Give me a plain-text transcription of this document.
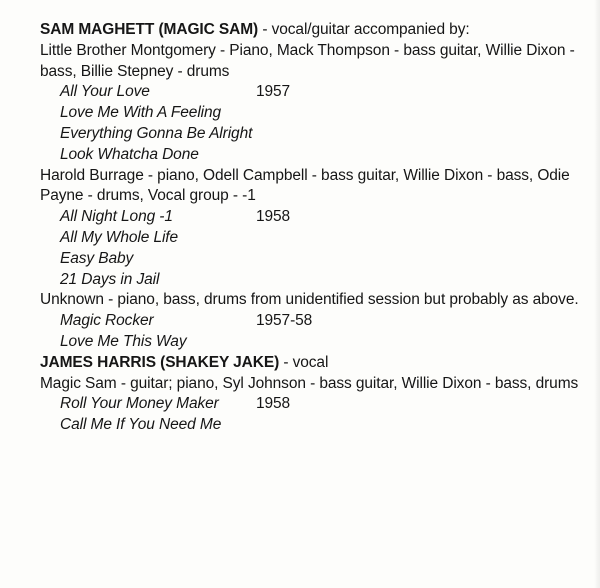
SAM MAGHETT (MAGIC SAM) - vocal/guitar accompanied by:
Little Brother Montgomery - Piano, Mack Thompson - bass guitar, Willie Dixon - bass, Billie Stepney - drums
All Your Love	1957
Love Me With A Feeling
Everything Gonna Be Alright
Look Whatcha Done
Harold Burrage - piano, Odell Campbell - bass guitar, Willie Dixon - bass, Odie Payne - drums, Vocal group - -1
All Night Long -1	1958
All My Whole Life
Easy Baby
21 Days in Jail
Unknown - piano, bass, drums from unidentified session but probably as above.
Magic Rocker	1957-58
Love Me This Way
JAMES HARRIS (SHAKEY JAKE) - vocal
Magic Sam - guitar; piano, Syl Johnson - bass guitar, Willie Dixon - bass, drums
Roll Your Money Maker 1958
Call Me If You Need Me
